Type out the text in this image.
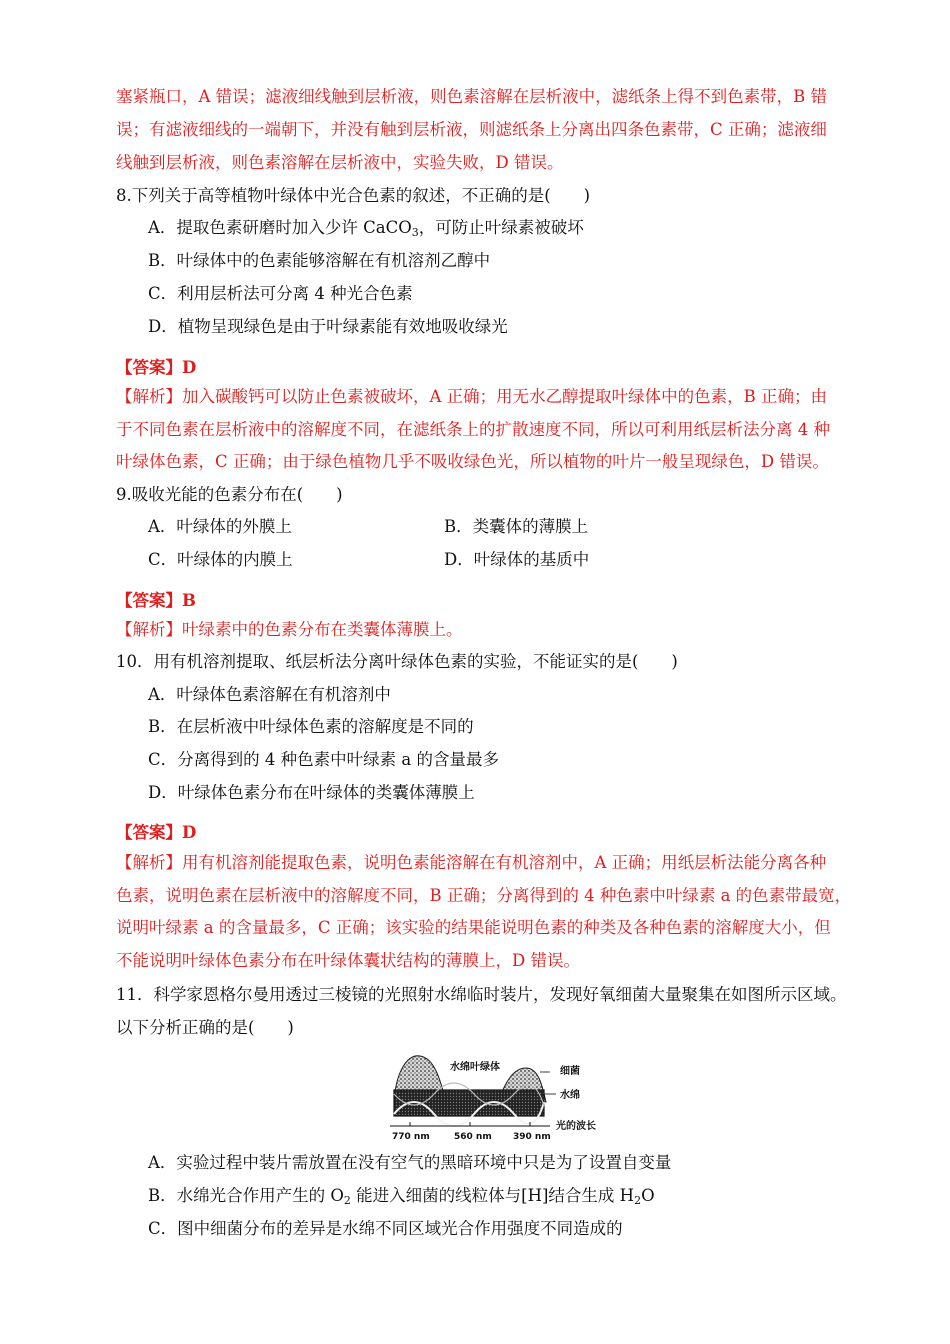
塞紧瓶口，A 错误；滤液细线触到层析液，则色素溶解在层析液中，滤纸条上得不到色素带，B 错
误；有滤液细线的一端朝下，并没有触到层析液，则滤纸条上分离出四条色素带，C 正确；滤液细
线触到层析液，则色素溶解在层析液中，实验失败，D 错误。
8.下列关于高等植物叶绿体中光合色素的叙述，不正确的是(　　)
A．提取色素研磨时加入少许 CaCO$_3$，可防止叶绿素被破坏
B．叶绿体中的色素能够溶解在有机溶剂乙醇中
C．利用层析法可分离 4 种光合色素
D．植物呈现绿色是由于叶绿素能有效地吸收绿光
【答案】D
【解析】加入碳酸钙可以防止色素被破坏，A 正确；用无水乙醇提取叶绿体中的色素，B 正确；由
于不同色素在层析液中的溶解度不同，在滤纸条上的扩散速度不同，所以可利用纸层析法分离 4 种
叶绿体色素，C 正确；由于绿色植物几乎不吸收绿色光，所以植物的叶片一般呈现绿色，D 错误。
9.吸收光能的色素分布在(　　)
A．叶绿体的外膜上	B．类囊体的薄膜上
C．叶绿体的内膜上	D．叶绿体的基质中
【答案】B
【解析】叶绿素中的色素分布在类囊体薄膜上。
10．用有机溶剂提取、纸层析法分离叶绿体色素的实验，不能证实的是(　　)
A．叶绿体色素溶解在有机溶剂中
B．在层析液中叶绿体色素的溶解度是不同的
C．分离得到的 4 种色素中叶绿素 a 的含量最多
D．叶绿体色素分布在叶绿体的类囊体薄膜上
【答案】D
【解析】用有机溶剂能提取色素，说明色素能溶解在有机溶剂中，A 正确；用纸层析法能分离各种
色素，说明色素在层析液中的溶解度不同，B 正确；分离得到的 4 种色素中叶绿素 a 的色素带最宽，
说明叶绿素 a 的含量最多，C 正确；该实验的结果能说明色素的种类及各种色素的溶解度大小，但
不能说明叶绿体色素分布在叶绿体囊状结构的薄膜上，D 错误。
11．科学家恩格尔曼用透过三棱镜的光照射水绵临时装片，发现好氧细菌大量聚集在如图所示区域。
以下分析正确的是(　　)
水绵叶绿体	细菌
水绵
光的波长
770 nm	560 nm 390 nm
A．实验过程中装片需放置在没有空气的黑暗环境中只是为了设置自变量
B．水绵光合作用产生的 $O_2$ 能进入细菌的线粒体与[H]结合生成 $H_2O$
C．图中细菌分布的差异是水绵不同区域光合作用强度不同造成的
